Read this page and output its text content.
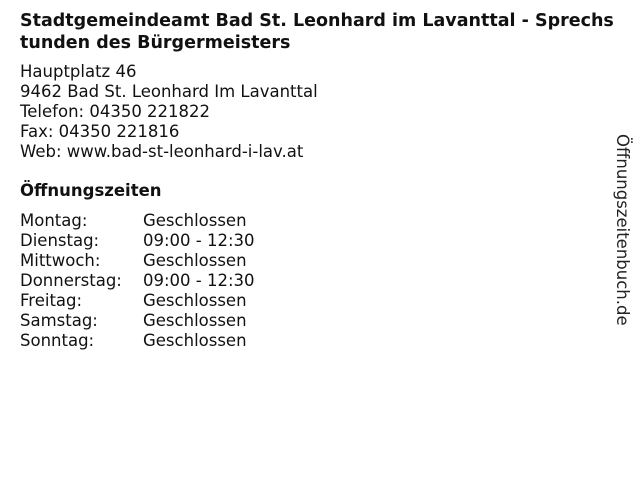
Stadtgemeindeamt Bad St. Leonhard im Lavanttal - Sprechstunden des Bürgermeisters
Hauptplatz 46
9462 Bad St. Leonhard Im Lavanttal
Telefon: 04350 221822
Fax: 04350 221816
Web: www.bad-st-leonhard-i-lav.at
Öffnungszeiten
Montag:	Geschlossen
Dienstag:	09:00 - 12:30
Mittwoch:	Geschlossen
Donnerstag:	09:00 - 12:30
Freitag:	Geschlossen
Samstag:	Geschlossen
Sonntag:	Geschlossen
Öffnungszeitenbuch.de
